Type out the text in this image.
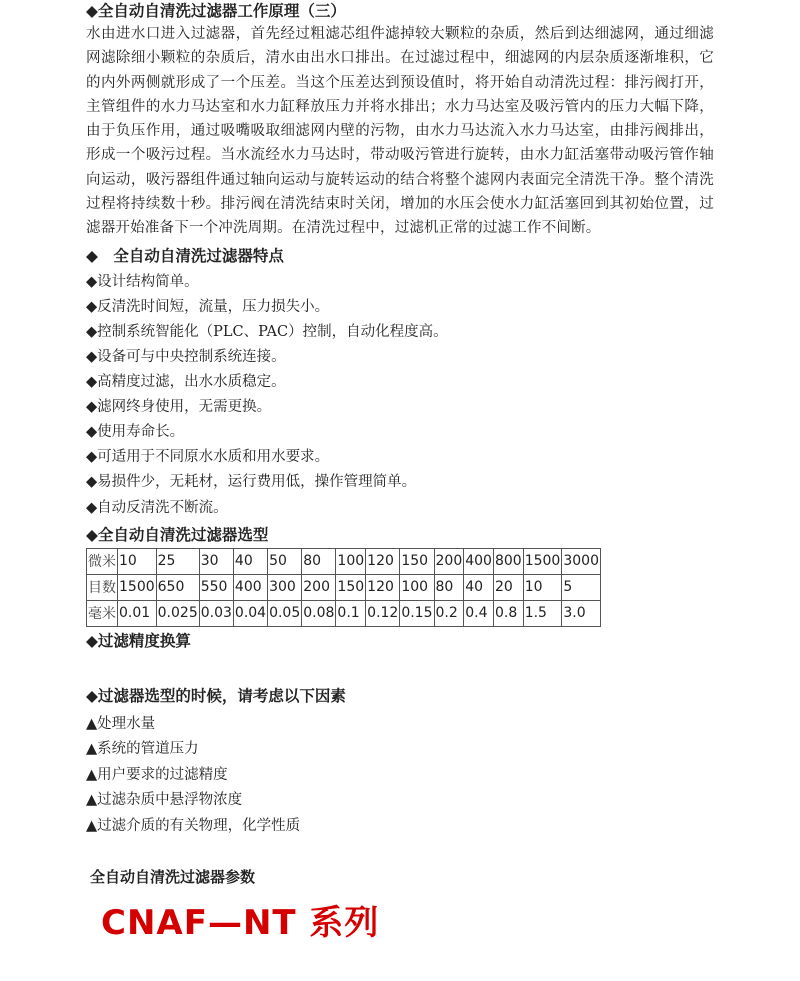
◆全自动自清洗过滤器工作原理（三）

水由进水口进入过滤器，首先经过粗滤芯组件滤掉较大颗粒的杂质，然后到达细滤网，通过细滤网滤除细小颗粒的杂质后，清水由出水口排出。在过滤过程中，细滤网的内层杂质逐渐堆积，它的内外两侧就形成了一个压差。当这个压差达到预设值时，将开始自动清洗过程：排污阀打开，主管组件的水力马达室和水力缸释放压力并将水排出；水力马达室及吸污管内的压力大幅下降，由于负压作用，通过吸嘴吸取细滤网内壁的污物，由水力马达流入水力马达室，由排污阀排出，形成一个吸污过程。当水流经水力马达时，带动吸污管进行旋转，由水力缸活塞带动吸污管作轴向运动，吸污器组件通过轴向运动与旋转运动的结合将整个滤网内表面完全清洗干净。整个清洗过程将持续数十秒。排污阀在清洗结束时关闭，增加的水压会使水力缸活塞回到其初始位置，过滤器开始准备下一个冲洗周期。在清洗过程中，过滤机正常的过滤工作不间断。

◆　全自动自清洗过滤器特点

◆设计结构简单。
◆反清洗时间短，流量，压力损失小。
◆控制系统智能化（PLC、PAC）控制，自动化程度高。
◆设备可与中央控制系统连接。
◆高精度过滤，出水水质稳定。
◆滤网终身使用，无需更换。
◆使用寿命长。
◆可适用于不同原水水质和用水要求。
◆易损件少，无耗材，运行费用低，操作管理简单。
◆自动反清洗不断流。

◆全自动自清洗过滤器选型

微米	10	25	30	40	50	80	100	120	150	200	400	800	1500	3000
目数	1500	650	550	400	300	200	150	120	100	80	40	20	10	5
毫米	0.01	0.025	0.03	0.04	0.05	0.08	0.1	0.12	0.15	0.2	0.4	0.8	1.5	3.0

◆过滤精度换算

◆过滤器选型的时候，请考虑以下因素

▲处理水量
▲系统的管道压力
▲用户要求的过滤精度
▲过滤杂质中悬浮物浓度
▲过滤介质的有关物理，化学性质

全自动自清洗过滤器参数

CNAF—NT 系列
